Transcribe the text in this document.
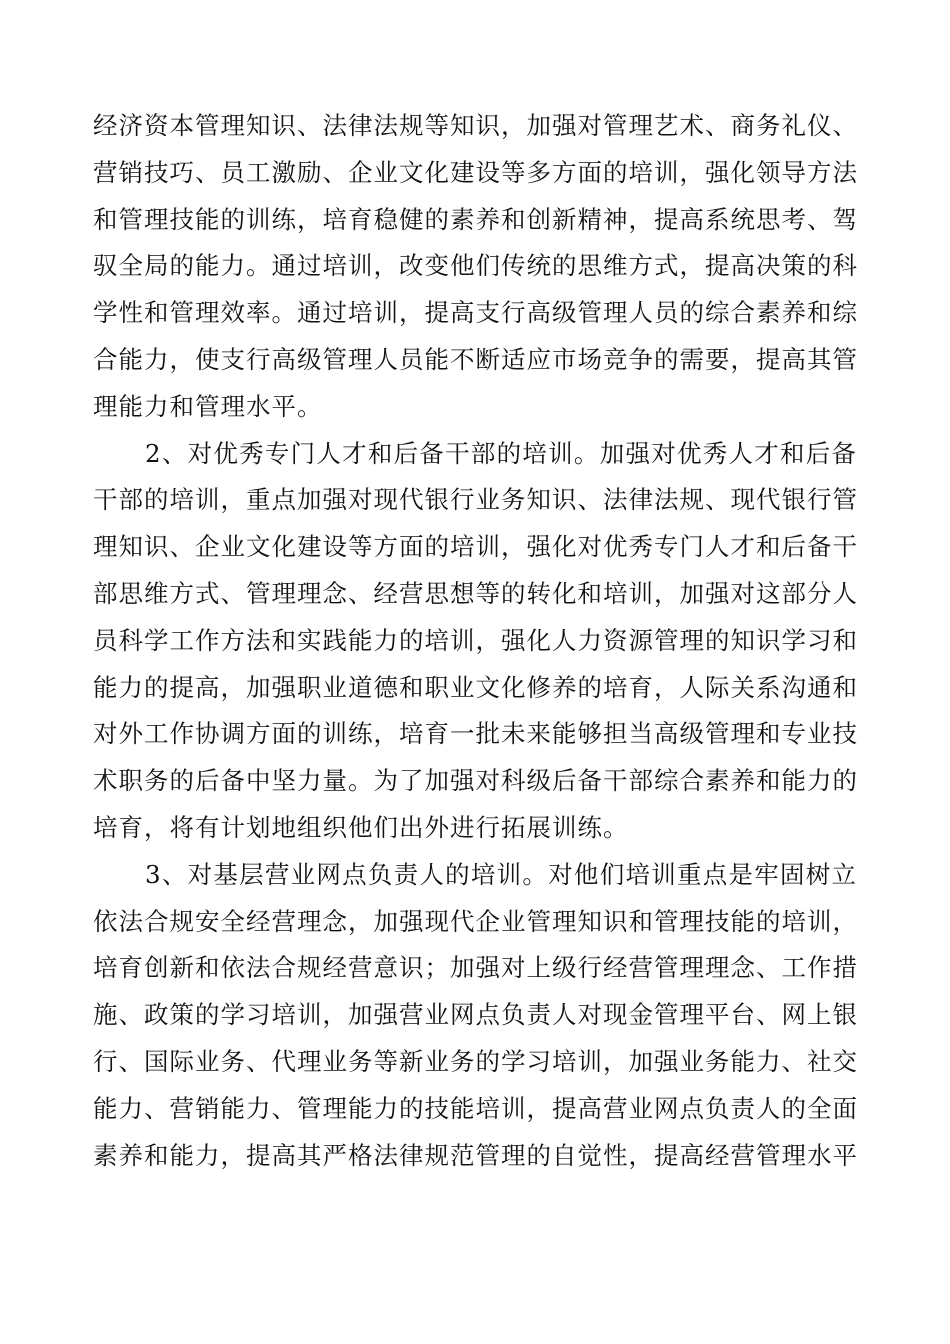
经济资本管理知识、法律法规等知识，加强对管理艺术、商务礼仪、
营销技巧、员工激励、企业文化建设等多方面的培训，强化领导方法
和管理技能的训练，培育稳健的素养和创新精神，提高系统思考、驾
驭全局的能力。通过培训，改变他们传统的思维方式，提高决策的科
学性和管理效率。通过培训，提高支行高级管理人员的综合素养和综
合能力，使支行高级管理人员能不断适应市场竞争的需要，提高其管
理能力和管理水平。
2、对优秀专门人才和后备干部的培训。加强对优秀人才和后备
干部的培训，重点加强对现代银行业务知识、法律法规、现代银行管
理知识、企业文化建设等方面的培训，强化对优秀专门人才和后备干
部思维方式、管理理念、经营思想等的转化和培训，加强对这部分人
员科学工作方法和实践能力的培训，强化人力资源管理的知识学习和
能力的提高，加强职业道德和职业文化修养的培育，人际关系沟通和
对外工作协调方面的训练，培育一批未来能够担当高级管理和专业技
术职务的后备中坚力量。为了加强对科级后备干部综合素养和能力的
培育，将有计划地组织他们出外进行拓展训练。
3、对基层营业网点负责人的培训。对他们培训重点是牢固树立
依法合规安全经营理念，加强现代企业管理知识和管理技能的培训，
培育创新和依法合规经营意识；加强对上级行经营管理理念、工作措
施、政策的学习培训，加强营业网点负责人对现金管理平台、网上银
行、国际业务、代理业务等新业务的学习培训，加强业务能力、社交
能力、营销能力、管理能力的技能培训，提高营业网点负责人的全面
素养和能力，提高其严格法律规范管理的自觉性，提高经营管理水平
